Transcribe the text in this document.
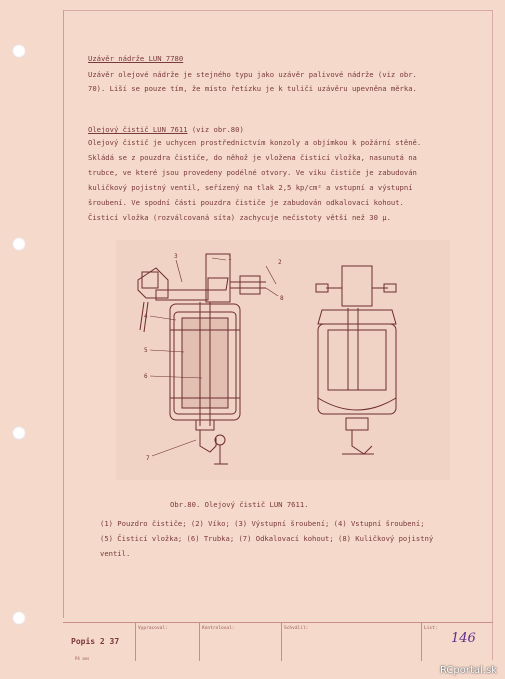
Uzávěr nádrže LUN 7780
Uzávěr olejové nádrže je stejného typu jako uzávěr palivové nádrže (viz obr.
70). Liší se pouze tím, že místo řetízku je k tuliči uzávěru upevněna měrka.
Olejový čistič LUN 7611 (viz obr.80)
Olejový čistič je uchycen prostřednictvím konzoly a objímkou k požární stěně.
Skládá se z pouzdra čističe, do něhož je vložena čisticí vložka, nasunutá na
trubce, ve které jsou provedeny podélné otvory. Ve víku čističe je zabudován
kuličkový pojistný ventil, seřízený na tlak 2,5 kp/cm² a vstupní a výstupní
šroubení. Ve spodní části pouzdra čističe je zabudován odkalovací kohout.
Čisticí vložka (rozválcovaná síta) zachycuje nečistoty větší než 30 μ.
1
2
3
4
5
6
7
8
Obr.80. Olejový čistič LUN 7611.
(1) Pouzdro čističe; (2) Víko; (3) Výstupní šroubení; (4) Vstupní šroubení;
(5) Čisticí vložka; (6) Trubka; (7) Odkalovací kohout; (8) Kuličkový pojistný
ventil.
Popis 2 37
Vypracoval:	Kontroloval:	Schválil:	List:
146
P4 aes
RCportal.sk
